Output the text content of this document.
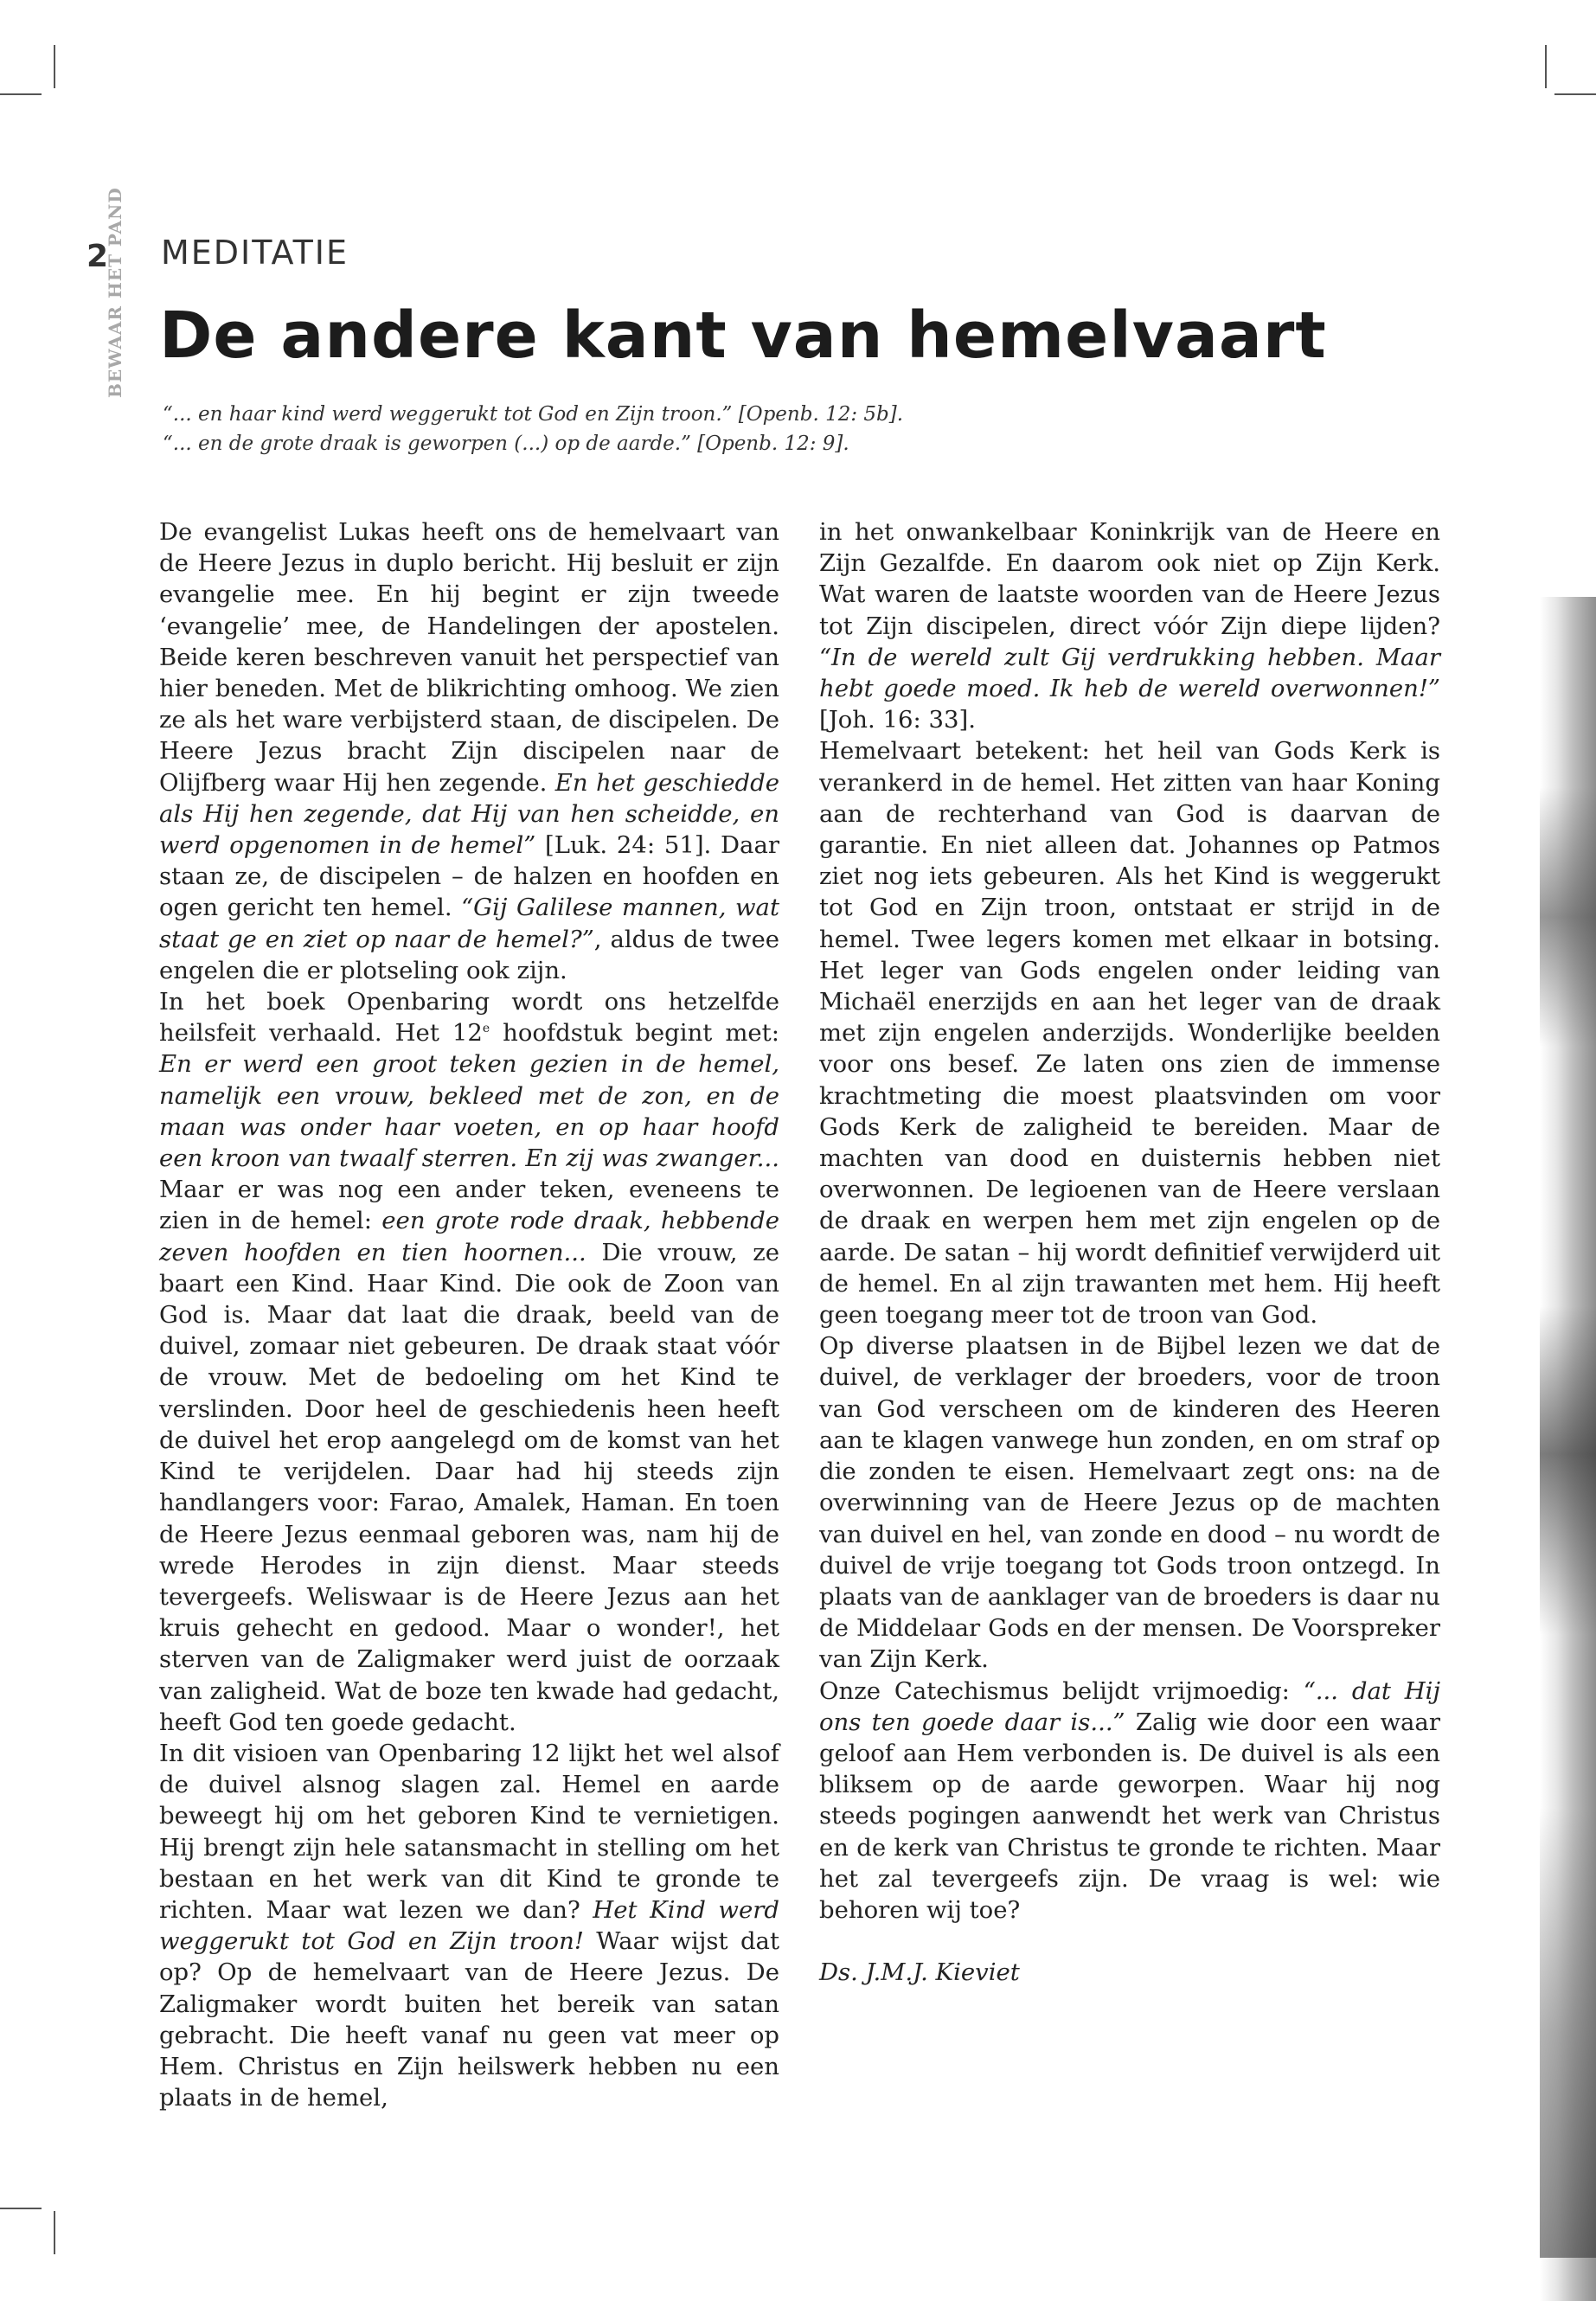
2
BEWAAR HET PAND MEDITATIE
De andere kant van hemelvaart
“... en haar kind werd weggerukt tot God en Zijn troon.” [Openb. 12: 5b].
“... en de grote draak is geworpen (...) op de aarde.” [Openb. 12: 9].

De evangelist Lukas heeft ons de hemelvaart van de Heere Jezus in duplo bericht. Hij besluit er zijn evangelie mee. En hij begint er zijn tweede ‘evangelie’ mee, de Handelingen der apostelen. Beide keren beschreven vanuit het perspectief van hier beneden. Met de blikrichting omhoog. We zien ze als het ware verbijsterd staan, de discipelen. De Heere Jezus bracht Zijn discipelen naar de Olijfberg waar Hij hen zegende. En het geschiedde als Hij hen zegende, dat Hij van hen scheidde, en werd opgenomen in de hemel” [Luk. 24: 51]. Daar staan ze, de discipelen – de halzen en hoofden en ogen gericht ten hemel. “Gij Galilese mannen, wat staat ge en ziet op naar de hemel?”, aldus de twee engelen die er plotseling ook zijn.

In het boek Openbaring wordt ons hetzelfde heilsfeit verhaald. Het 12e hoofdstuk begint met: En er werd een groot teken gezien in de hemel, namelijk een vrouw, bekleed met de zon, en de maan was onder haar voeten, en op haar hoofd een kroon van twaalf sterren. En zij was zwanger... Maar er was nog een ander teken, eveneens te zien in de hemel: een grote rode draak, hebbende zeven hoofden en tien hoornen... Die vrouw, ze baart een Kind. Haar Kind. Die ook de Zoon van God is. Maar dat laat die draak, beeld van de duivel, zomaar niet gebeuren. De draak staat vóór de vrouw. Met de bedoeling om het Kind te verslinden. Door heel de geschiedenis heen heeft de duivel het erop aangelegd om de komst van het Kind te verijdelen. Daar had hij steeds zijn handlangers voor: Farao, Amalek, Haman. En toen de Heere Jezus eenmaal geboren was, nam hij de wrede Herodes in zijn dienst. Maar steeds tevergeefs. Weliswaar is de Heere Jezus aan het kruis gehecht en gedood. Maar o wonder!, het sterven van de Zaligmaker werd juist de oorzaak van zaligheid. Wat de boze ten kwade had gedacht, heeft God ten goede gedacht.

In dit visioen van Openbaring 12 lijkt het wel alsof de duivel alsnog slagen zal. Hemel en aarde beweegt hij om het geboren Kind te vernietigen. Hij brengt zijn hele satansmacht in stelling om het bestaan en het werk van dit Kind te gronde te richten. Maar wat lezen we dan? Het Kind werd weggerukt tot God en Zijn troon! Waar wijst dat op? Op de hemelvaart van de Heere Jezus. De Zaligmaker wordt buiten het bereik van satan gebracht. Die heeft vanaf nu geen vat meer op Hem. Christus en Zijn heilswerk hebben nu een plaats in de hemel,

in het onwankelbaar Koninkrijk van de Heere en Zijn Gezalfde. En daarom ook niet op Zijn Kerk. Wat waren de laatste woorden van de Heere Jezus tot Zijn discipelen, direct vóór Zijn diepe lijden? “In de wereld zult Gij verdrukking hebben. Maar hebt goede moed. Ik heb de wereld overwonnen!” [Joh. 16: 33].

Hemelvaart betekent: het heil van Gods Kerk is verankerd in de hemel. Het zitten van haar Koning aan de rechterhand van God is daarvan de garantie. En niet alleen dat. Johannes op Patmos ziet nog iets gebeuren. Als het Kind is weggerukt tot God en Zijn troon, ontstaat er strijd in de hemel. Twee legers komen met elkaar in botsing. Het leger van Gods engelen onder leiding van Michaël enerzijds en aan het leger van de draak met zijn engelen anderzijds. Wonderlijke beelden voor ons besef. Ze laten ons zien de immense krachtmeting die moest plaatsvinden om voor Gods Kerk de zaligheid te bereiden. Maar de machten van dood en duisternis hebben niet overwonnen. De legioenen van de Heere verslaan de draak en werpen hem met zijn engelen op de aarde. De satan – hij wordt definitief verwijderd uit de hemel. En al zijn trawanten met hem. Hij heeft geen toegang meer tot de troon van God.

Op diverse plaatsen in de Bijbel lezen we dat de duivel, de verklager der broeders, voor de troon van God verscheen om de kinderen des Heeren aan te klagen vanwege hun zonden, en om straf op die zonden te eisen. Hemelvaart zegt ons: na de overwinning van de Heere Jezus op de machten van duivel en hel, van zonde en dood – nu wordt de duivel de vrije toegang tot Gods troon ontzegd. In plaats van de aanklager van de broeders is daar nu de Middelaar Gods en der mensen. De Voorspreker van Zijn Kerk.

Onze Catechismus belijdt vrijmoedig: “... dat Hij ons ten goede daar is...” Zalig wie door een waar geloof aan Hem verbonden is. De duivel is als een bliksem op de aarde geworpen. Waar hij nog steeds pogingen aanwendt het werk van Christus en de kerk van Christus te gronde te richten. Maar het zal tevergeefs zijn. De vraag is wel: wie behoren wij toe?

Ds. J.M.J. Kieviet
